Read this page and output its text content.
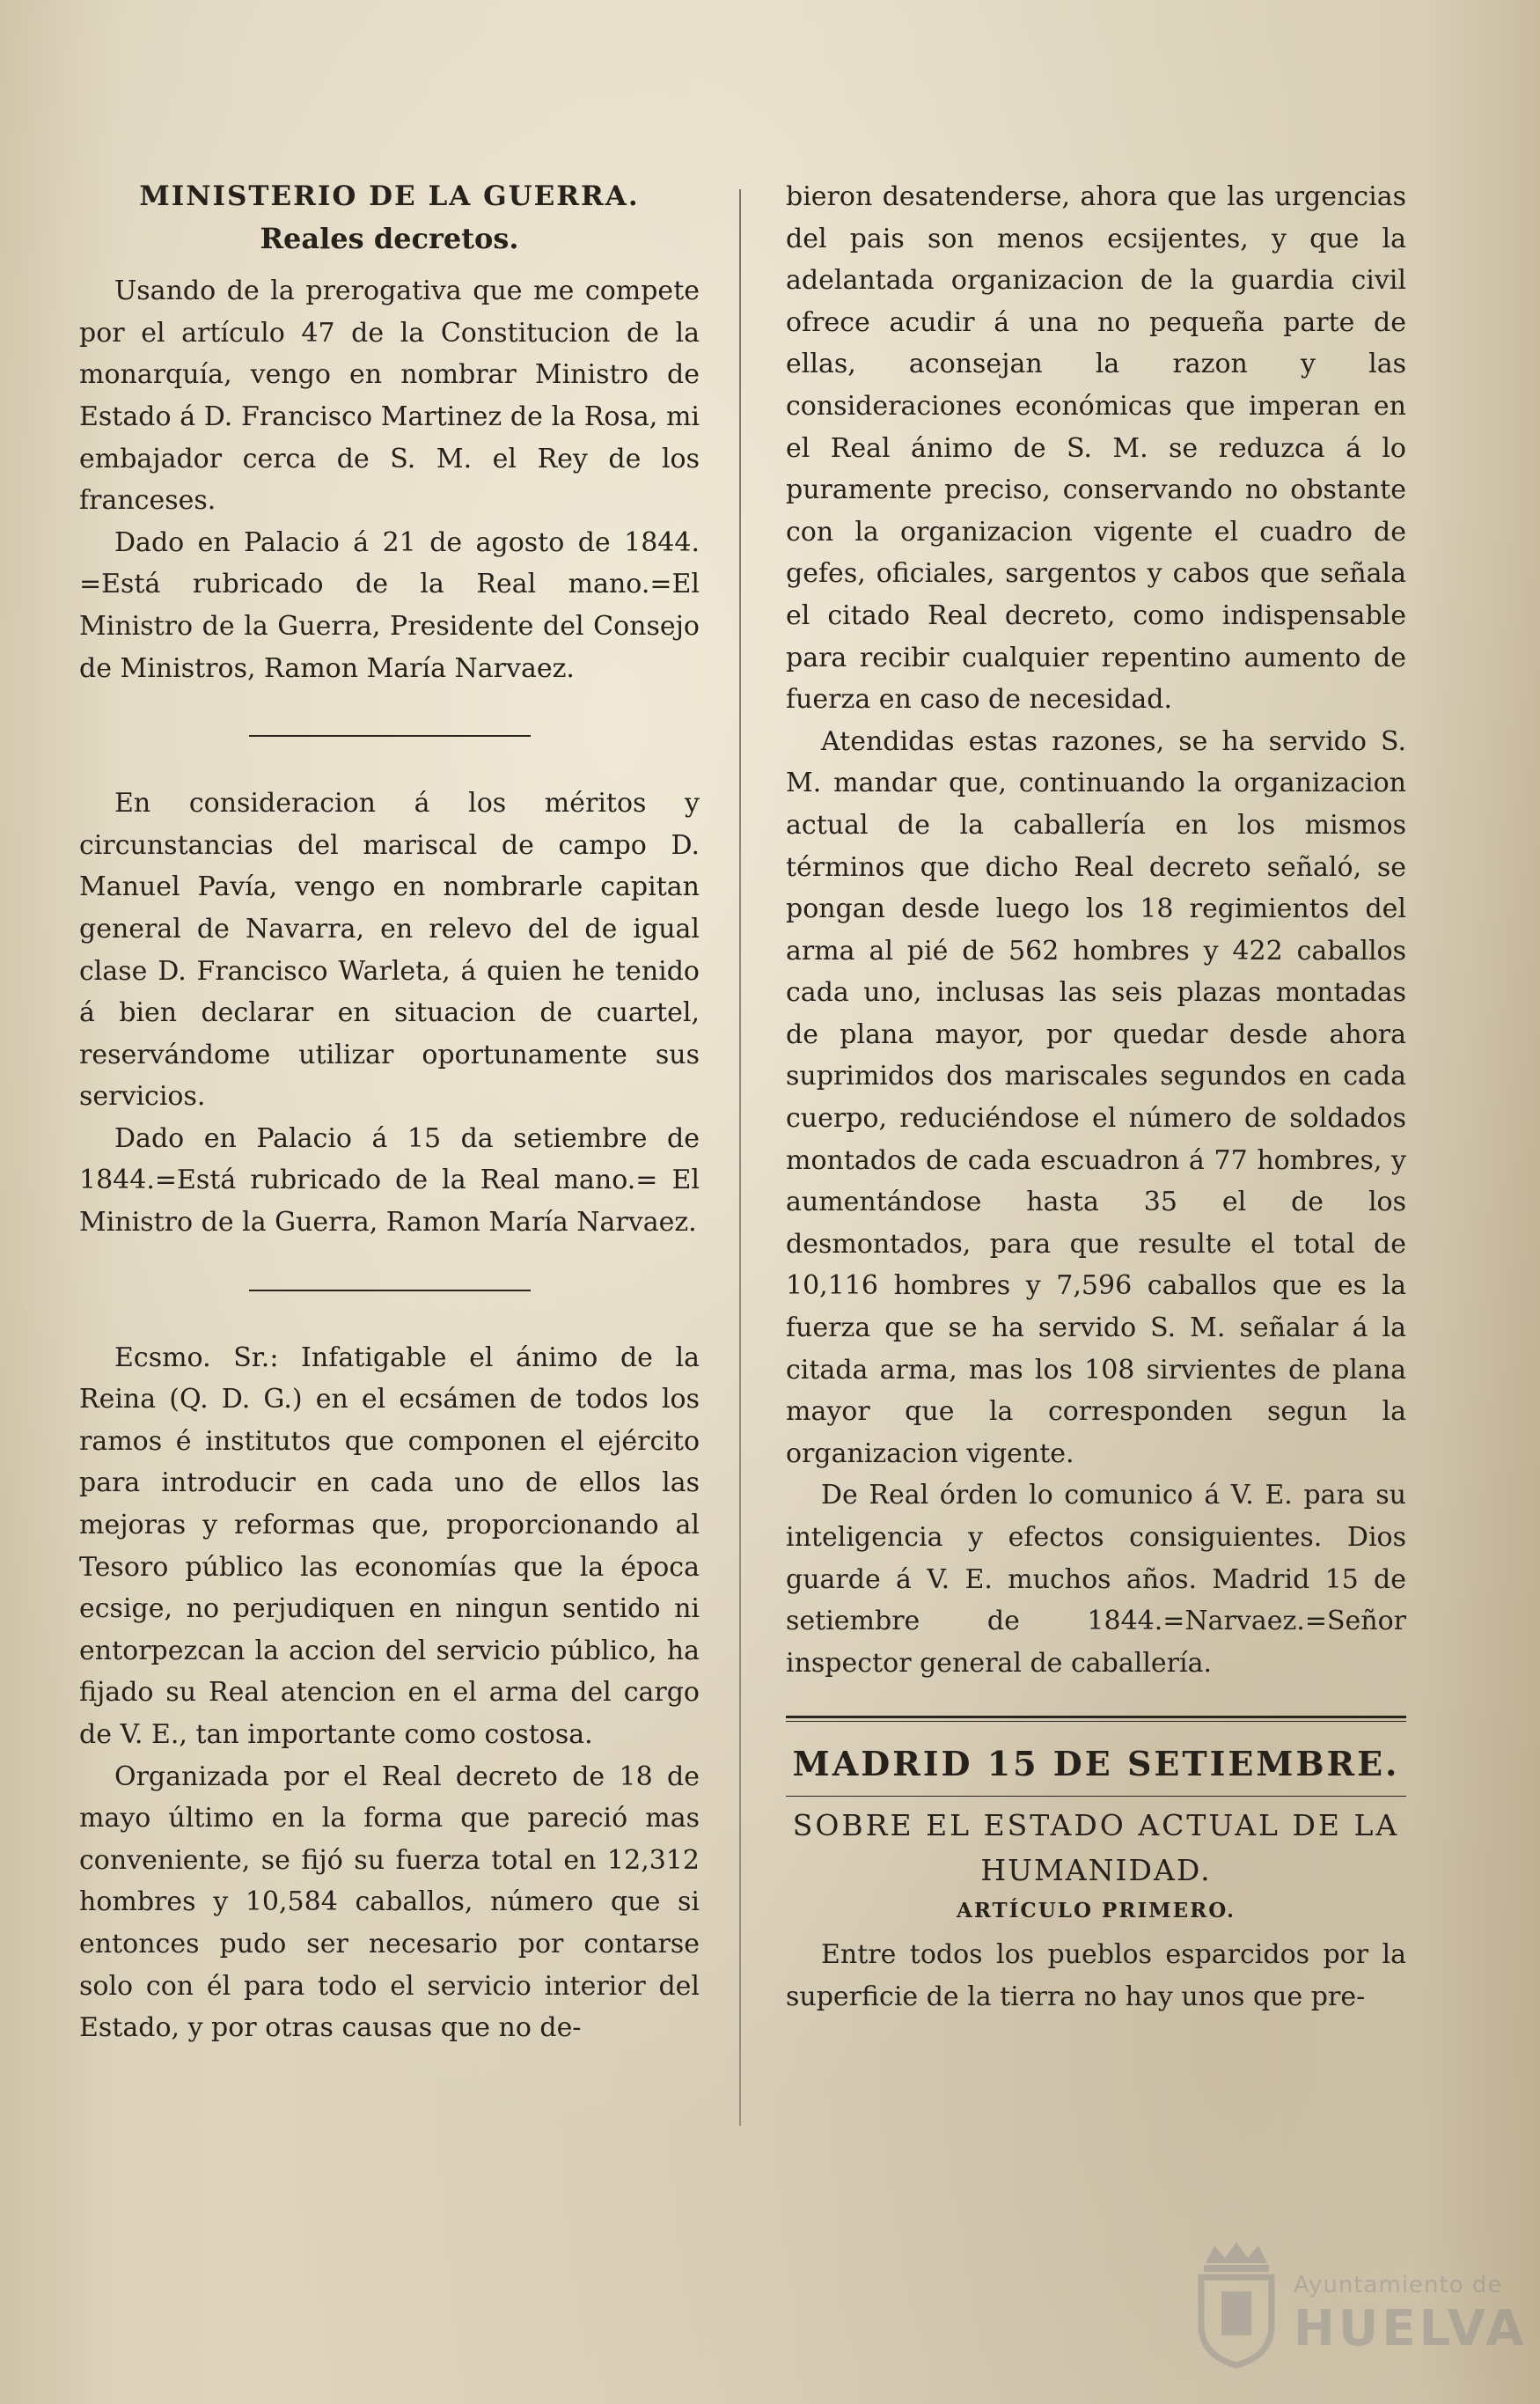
MINISTERIO DE LA GUERRA.

Reales decretos.

Usando de la prerogativa que me compete por el artículo 47 de la Constitucion de la monarquía, vengo en nombrar Ministro de Estado á D. Francisco Martinez de la Rosa, mi embajador cerca de S. M. el Rey de los franceses.

Dado en Palacio á 21 de agosto de 1844. =Está rubricado de la Real mano.=El Ministro de la Guerra, Presidente del Consejo de Ministros, Ramon María Narvaez.

En consideracion á los méritos y circunstancias del mariscal de campo D. Manuel Pavía, vengo en nombrarle capitan general de Navarra, en relevo del de igual clase D. Francisco Warleta, á quien he tenido á bien declarar en situacion de cuartel, reservándome utilizar oportunamente sus servicios.

Dado en Palacio á 15 da setiembre de 1844.=Está rubricado de la Real mano.= El Ministro de la Guerra, Ramon María Narvaez.

Ecsmo. Sr.: Infatigable el ánimo de la Reina (Q. D. G.) en el ecsámen de todos los ramos é institutos que componen el ejército para introducir en cada uno de ellos las mejoras y reformas que, proporcionando al Tesoro público las economías que la época ecsige, no perjudiquen en ningun sentido ni entorpezcan la accion del servicio público, ha fijado su Real atencion en el arma del cargo de V. E., tan importante como costosa.

Organizada por el Real decreto de 18 de mayo último en la forma que pareció mas conveniente, se fijó su fuerza total en 12,312 hombres y 10,584 caballos, número que si entonces pudo ser necesario por contarse solo con él para todo el servicio interior del Estado, y por otras causas que no de-

bieron desatenderse, ahora que las urgencias del pais son menos ecsijentes, y que la adelantada organizacion de la guardia civil ofrece acudir á una no pequeña parte de ellas, aconsejan la razon y las consideraciones económicas que imperan en el Real ánimo de S. M. se reduzca á lo puramente preciso, conservando no obstante con la organizacion vigente el cuadro de gefes, oficiales, sargentos y cabos que señala el citado Real decreto, como indispensable para recibir cualquier repentino aumento de fuerza en caso de necesidad.

Atendidas estas razones, se ha servido S. M. mandar que, continuando la organizacion actual de la caballería en los mismos términos que dicho Real decreto señaló, se pongan desde luego los 18 regimientos del arma al pié de 562 hombres y 422 caballos cada uno, inclusas las seis plazas montadas de plana mayor, por quedar desde ahora suprimidos dos mariscales segundos en cada cuerpo, reduciéndose el número de soldados montados de cada escuadron á 77 hombres, y aumentándose hasta 35 el de los desmontados, para que resulte el total de 10,116 hombres y 7,596 caballos que es la fuerza que se ha servido S. M. señalar á la citada arma, mas los 108 sirvientes de plana mayor que la corresponden segun la organizacion vigente.

De Real órden lo comunico á V. E. para su inteligencia y efectos consiguientes. Dios guarde á V. E. muchos años. Madrid 15 de setiembre de 1844.=Narvaez.=Señor inspector general de caballería.

MADRID 15 DE SETIEMBRE.

SOBRE EL ESTADO ACTUAL DE LA

HUMANIDAD.

ARTÍCULO PRIMERO.

Entre todos los pueblos esparcidos por la superficie de la tierra no hay unos que pre-

Ayuntamiento de
HUELVA
